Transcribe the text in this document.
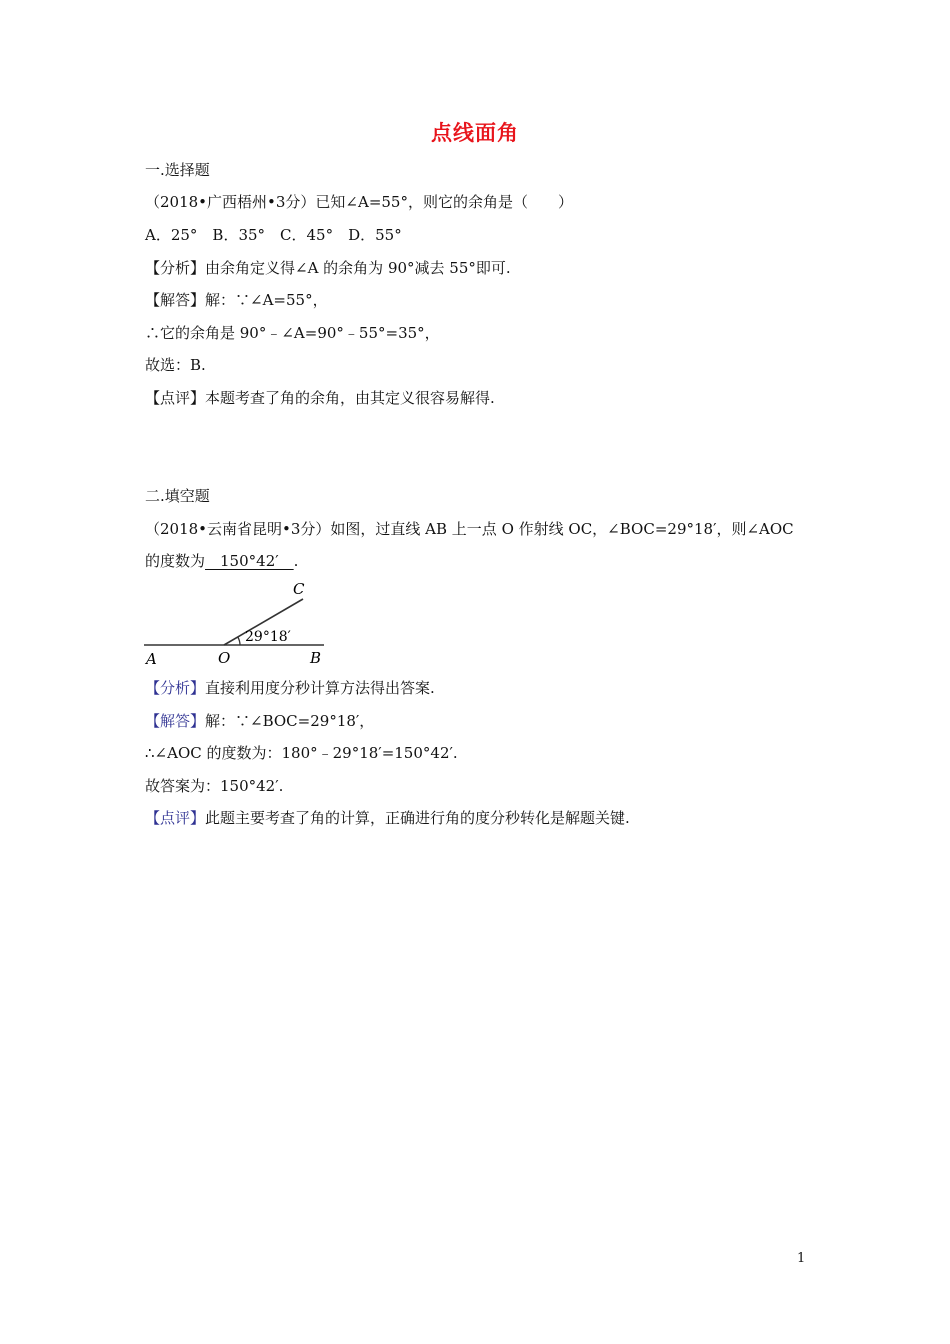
点线面角
一.选择题
（2018•广西梧州•3分）已知∠A=55°，则它的余角是（　　）
A．25°　B．35°　C．45°　D．55°
【分析】由余角定义得∠A 的余角为 90°减去 55°即可.
【解答】解：∵∠A=55°，
∴它的余角是 90°﹣∠A=90°﹣55°=35°，
故选：B.
【点评】本题考查了角的余角，由其定义很容易解得.
二.填空题
（2018•云南省昆明•3分）如图，过直线 AB 上一点 O 作射线 OC，∠BOC=29°18′，则∠AOC
的度数为　150°42′　.
A	O	B
C
29°18′
【分析】直接利用度分秒计算方法得出答案.
【解答】解：∵∠BOC=29°18′，
∴∠AOC 的度数为：180°﹣29°18′=150°42′.
故答案为：150°42′.
【点评】此题主要考查了角的计算，正确进行角的度分秒转化是解题关键.
1
